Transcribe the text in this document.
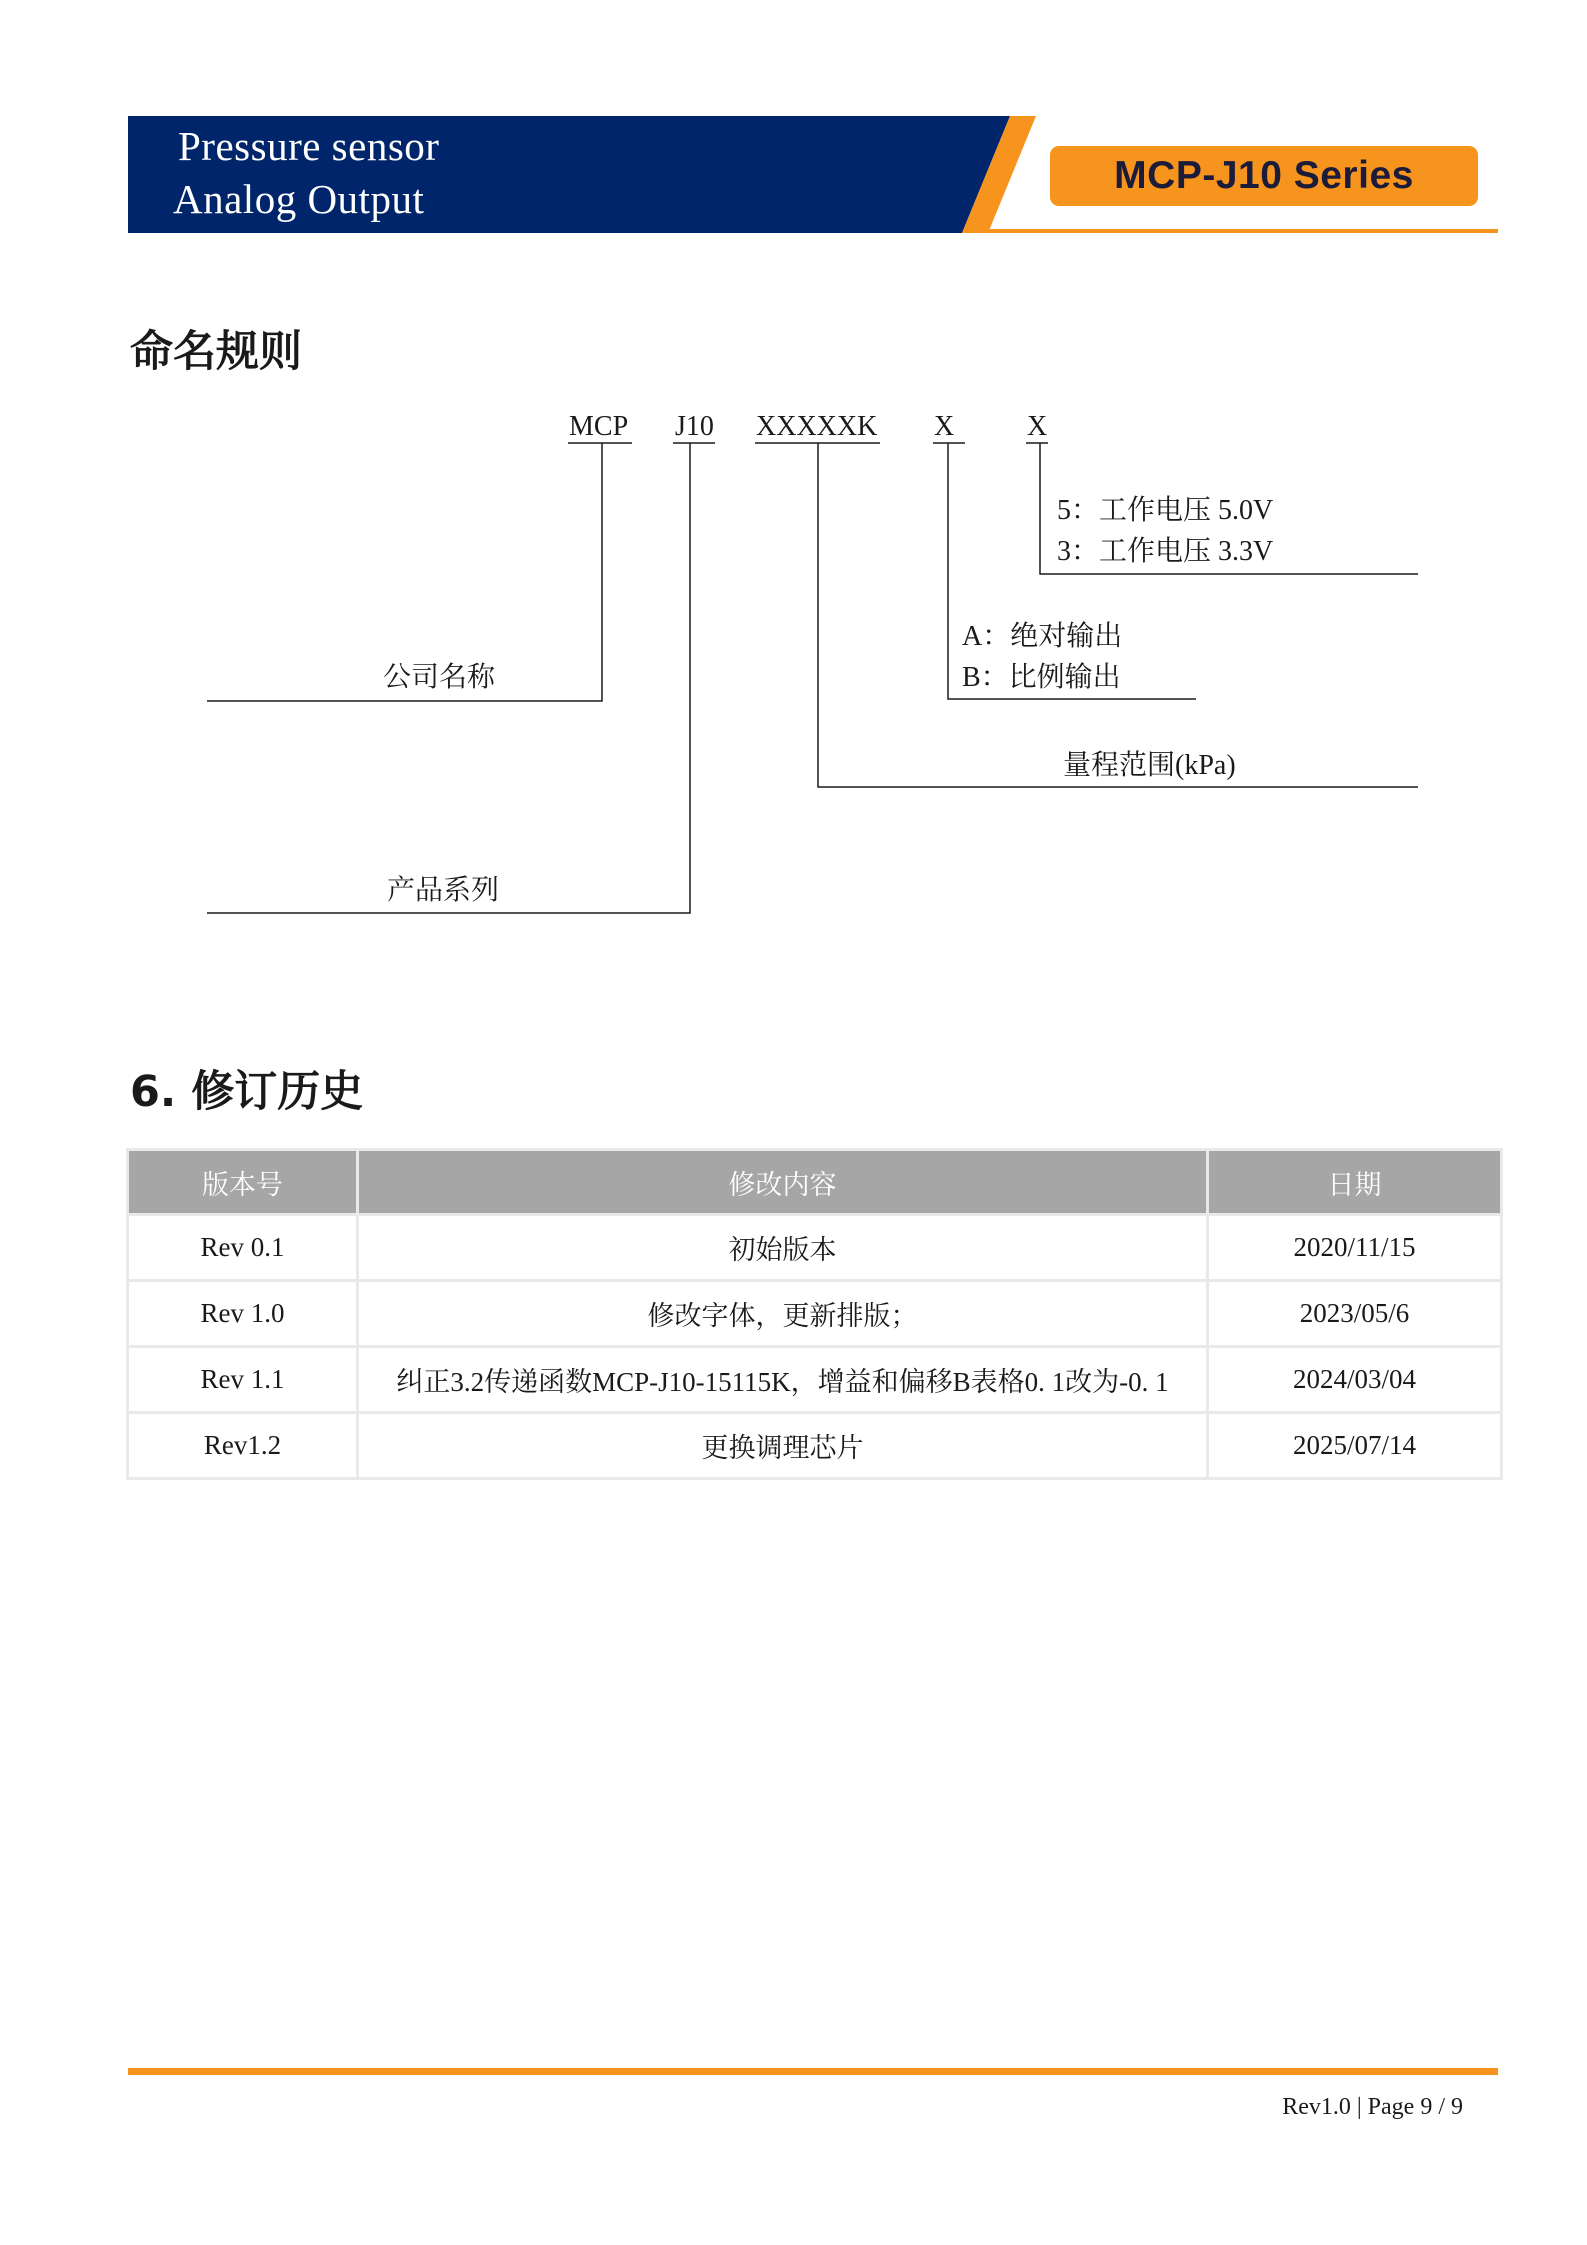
Pressure sensor
Analog Output
MCP-J10 Series
命名规则
MCP J10 XXXXXK X	X
5：工作电压 5.0V
3：工作电压 3.3V
A：绝对输出
B：比例输出
量程范围(kPa)
公司名称
产品系列
6. 修订历史
版本号	修改内容	日期
Rev 0.1	初始版本	2020/11/15
Rev 1.0	修改字体，更新排版；	2023/05/6
Rev 1.1	纠正3.2传递函数MCP-J10-15115K，增益和偏移B表格0. 1改为-0. 1	2024/03/04
Rev1.2	更换调理芯片	2025/07/14
Rev1.0 | Page 9 / 9
